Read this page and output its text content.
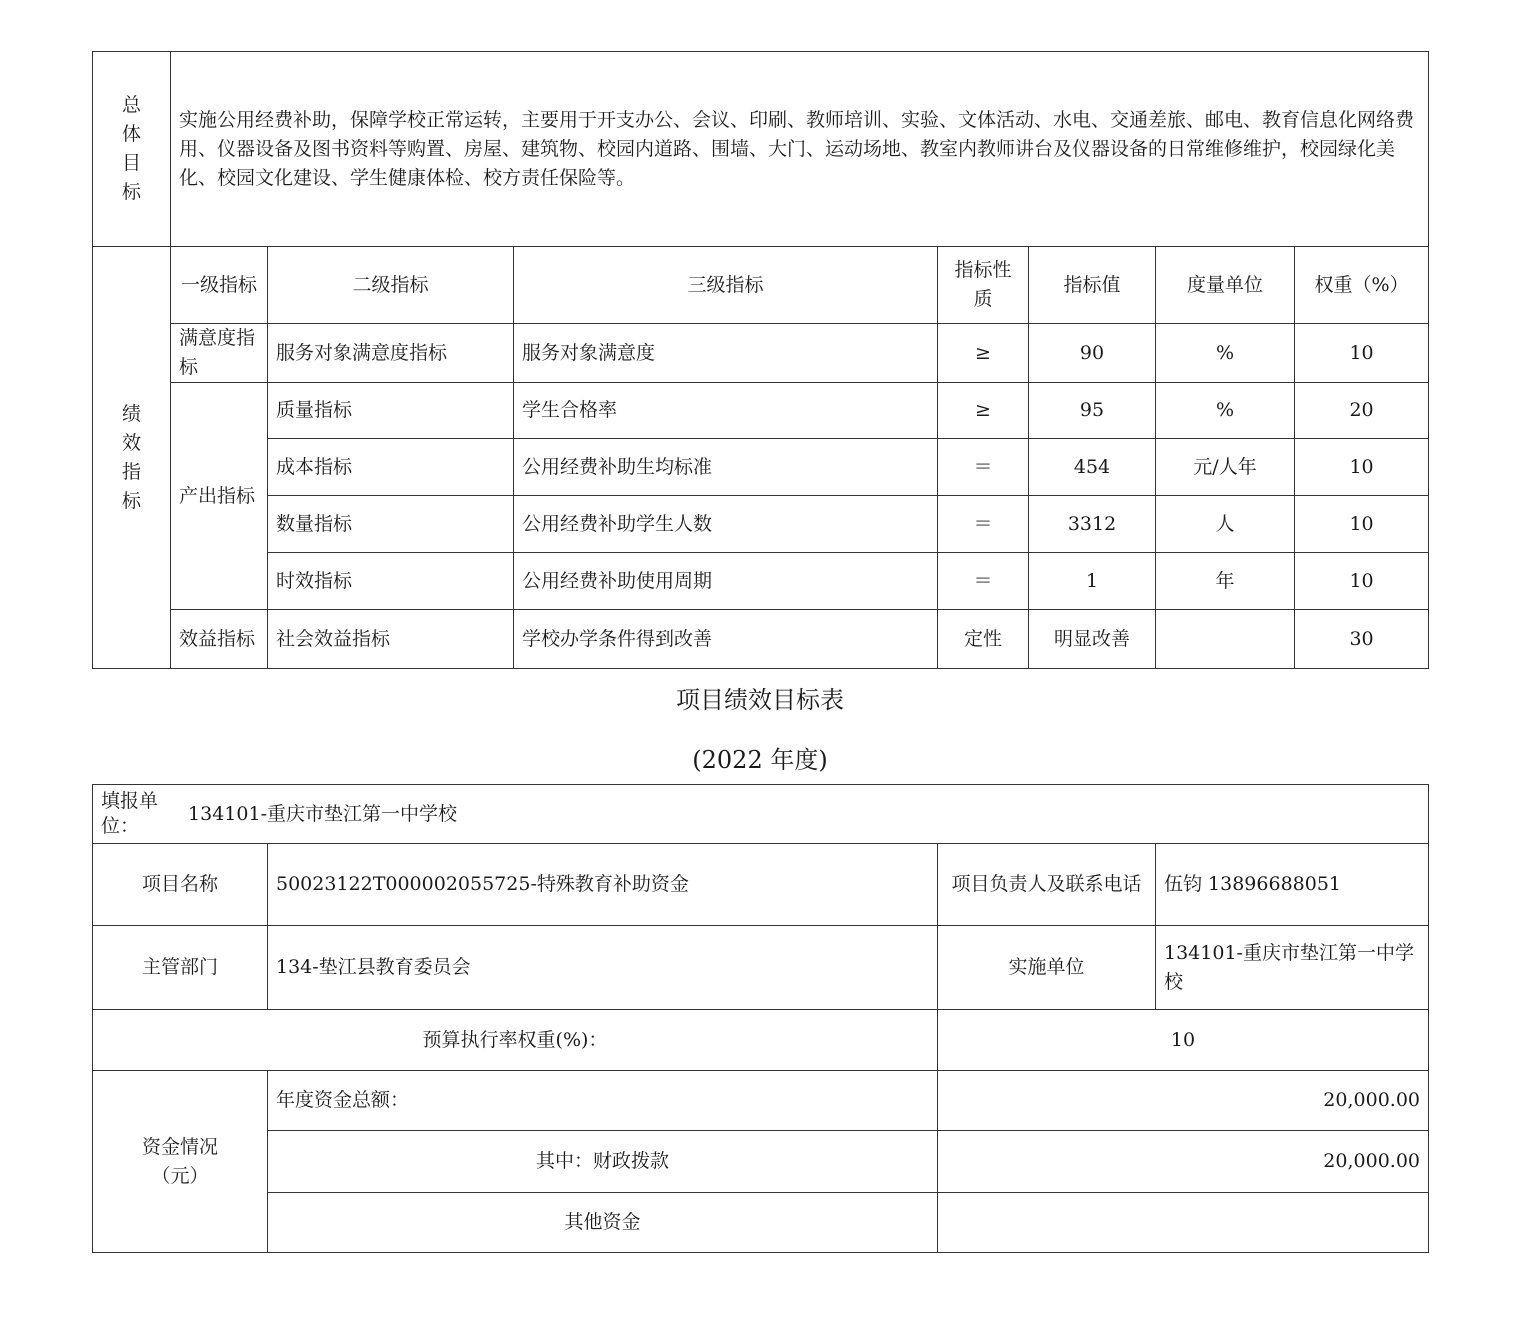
总体目标	实施公用经费补助，保障学校正常运转，主要用于开支办公、会议、印刷、教师培训、实验、文体活动、水电、交通差旅、邮电、教育信息化网络费用、仪器设备及图书资料等购置、房屋、建筑物、校园内道路、围墙、大门、运动场地、教室内教师讲台及仪器设备的日常维修维护，校园绿化美化、校园文化建设、学生健康体检、校方责任保险等。						

绩效指标	一级指标	二级指标	三级指标	指标性质	指标值	度量单位	权重（%）
	满意度指标	服务对象满意度指标	服务对象满意度	≥	90	%	10
	产出指标	质量指标	学生合格率	≥	95	%	20
		成本指标	公用经费补助生均标准	＝	454	元/人年	10
		数量指标	公用经费补助学生人数	＝	3312	人	10
		时效指标	公用经费补助使用周期	＝	1	年	10
	效益指标	社会效益指标	学校办学条件得到改善	定性	明显改善		30
项目绩效目标表
(2022 年度)
填报单位： 134101-重庆市垫江第一中学校			
项目名称	50023122T000002055725-特殊教育补助资金	项目负责人及联系电话	伍钧 13896688051
主管部门	134-垫江县教育委员会	实施单位	134101-重庆市垫江第一中学校
预算执行率权重(%)：		10	
资金情况（元）	年度资金总额：	20,000.00	
	其中：财政拨款	20,000.00	
	其他资金		
